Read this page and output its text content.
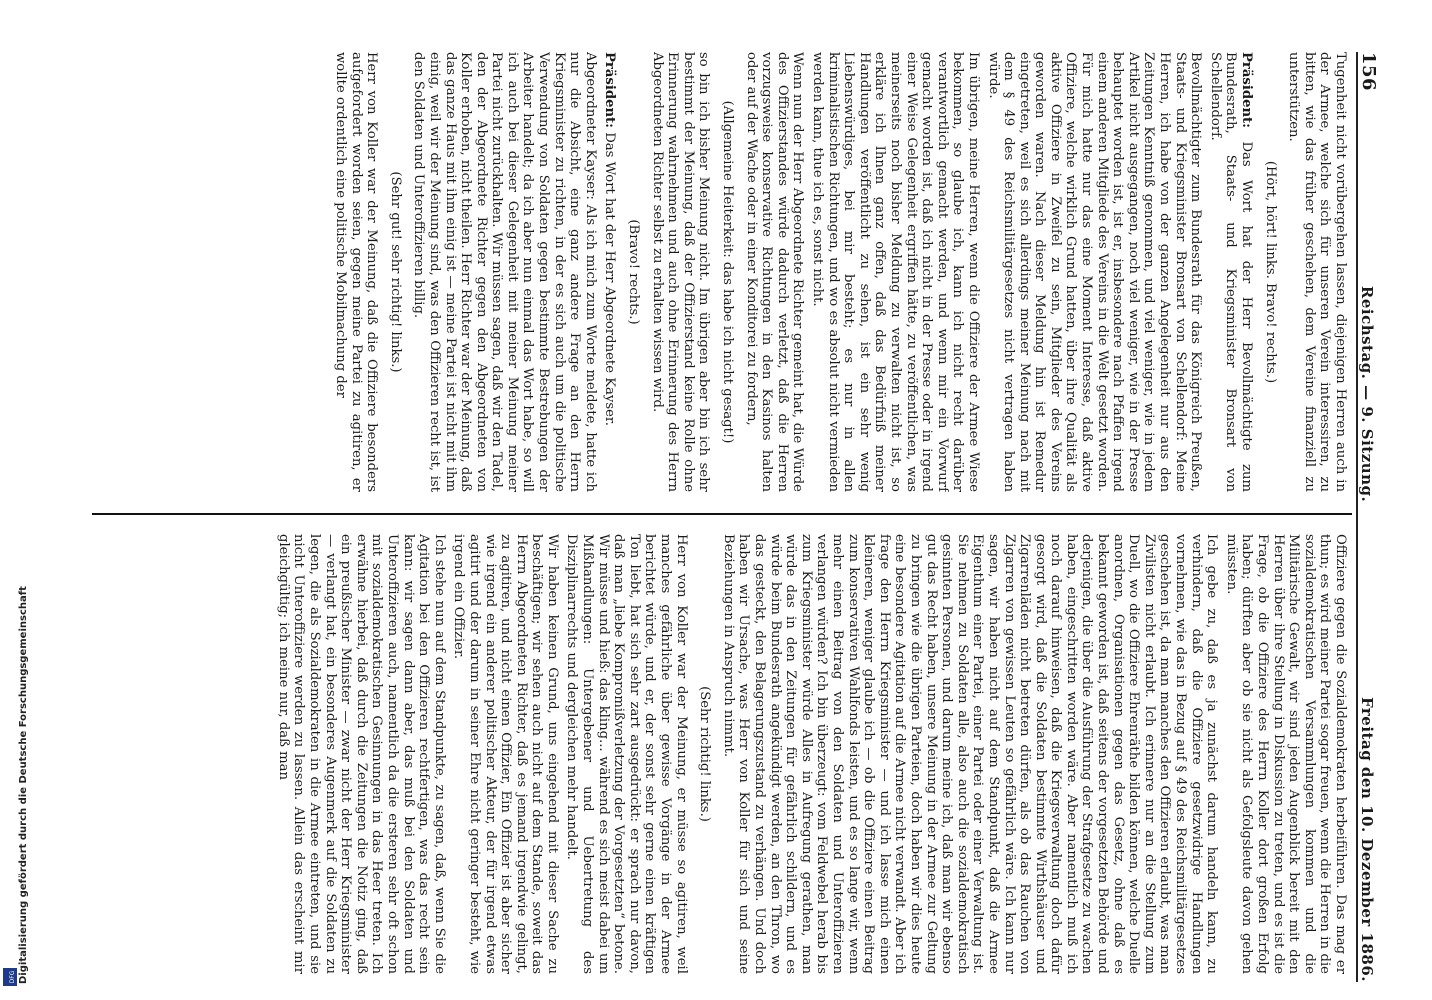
156
Reichstag. — 9. Sitzung.
Freitag den 10. Dezember 1886.

Tugenheit nicht vorübergehen lassen, diejenigen Herren auch in der Armee, welche sich für unseren Verein interessiren, zu bitten, wie das früher geschehen, dem Vereine finanziell zu unterstützen.

(Hört, hört! links. Bravo! rechts.)

Präsident: Das Wort hat der Herr Bevollmächtigte zum Bundesrath, Staats- und Kriegsminister Bronsart von Schellendorf.

Bevollmächtigter zum Bundesrath für das Königreich Preußen, Staats- und Kriegsminister Bronsart von Schellendorf: Meine Herren, ich habe von der ganzen Angelegenheit nur aus den Zeitungen Kenntniß genommen, und viel weniger, wie in jedem Artikel nicht ausgegangen, noch viel weniger, wie in der Presse behauptet worden ist, ist er, insbesondere nach Pfaffen irgend einem anderen Mitgliede des Vereins in die Welt gesetzt worden. Für mich hatte nur das eine Moment Interesse, daß aktive Offiziere, welche wirklich Grund hatten, über ihre Qualität als aktive Offiziere in Zweifel zu sein, Mitglieder des Vereins geworden waren. Nach dieser Meldung hin ist Remedur eingetreten, weil es sich allerdings meiner Meinung nach mit dem § 49 des Reichsmilitärgesetzes nicht vertragen haben würde.

Im übrigen, meine Herren, wenn die Offiziere der Armee Wiese bekommen, so glaube ich, kann ich nicht recht darüber verantwortlich gemacht werden, und wenn mir ein Vorwurf gemacht worden ist, daß ich nicht in der Presse oder in irgend einer Weise Gelegenheit ergriffen hätte, zu veröffentlichen, was meinerseits noch bisher Meldung zu verwalten nicht ist, so erkläre ich Ihnen ganz offen, daß das Bedürfniß meiner Handlungen veröffentlicht zu sehen, ist ein sehr wenig Liebenswürdiges, bei mir besteht; es nur in allen kriminalistischen Richtungen, und wo es absolut nicht vermieden werden kann, thue ich es, sonst nicht.

Wenn nun der Herr Abgeordnete Richter gemeint hat, die Würde des Offizierstandes würde dadurch verletzt, daß die Herren vorzugsweise konservative Richtungen in den Kasinos halten oder auf der Wache oder in einer Konditorei zu fordern,

(Allgemeine Heiterkeit: das habe ich nicht gesagt!)

so bin ich bisher Meinung nicht. Im übrigen aber bin ich sehr bestimmt der Meinung, daß der Offizierstand keine Rolle ohne Erinnerung wahrnehmen und auch ohne Erinnerung des Herrn Abgeordneten Richter selbst zu erhalten wissen wird.

(Bravo! rechts.)

Präsident: Das Wort hat der Herr Abgeordnete Kayser.

Abgeordneter Kayser: Als ich mich zum Worte meldete, hatte ich nur die Absicht, eine ganz andere Frage an den Herrn Kriegsminister zu richten, in der es sich auch um die politische Verwendung von Soldaten gegen bestimmte Bestrebungen der Arbeiter handelt; da ich aber nun einmal das Wort habe, so will ich auch bei dieser Gelegenheit mit meiner Meinung meiner Partei nicht zurückhalten. Wir müssen sagen, daß wir den Tadel, den der Abgeordnete Richter gegen den Abgeordneten von Koller erhoben, nicht theilen. Herr Richter war der Meinung, daß das ganze Haus mit ihm einig ist — meine Partei ist nicht mit ihm einig, weil wir der Meinung sind, was den Offizieren recht ist, ist den Soldaten und Unteroffizieren billig.

(Sehr gut! sehr richtig! links.)

Herr von Koller war der Meinung, daß die Offiziere besonders aufgefordert worden seien, gegen meine Partei zu agitiren, er wollte ordentlich eine politische Mobilmachung der

Offiziere gegen die Sozialdemokraten herbeiführen. Das mag er thun; es wird meiner Partei sogar freuen, wenn die Herren in die sozialdemokratischen Versammlungen kommen und die Militärische Gewalt, wir sind jeden Augenblick bereit mit den Herren über ihre Stellung in Diskussion zu treten, und es ist die Frage, ob die Offiziere des Herrn Koller dort großen Erfolg haben; dürften aber ob sie nicht als Gefolgsleute davon gehen müssten.

Ich gebe zu, daß es ja zunächst darum handeln kann, zu verhindern, daß die Offiziere gesetzwidrige Handlungen vornehmen, wie das in Bezug auf § 49 des Reichsmilitärgesetzes geschehen ist, da man manches den Offizieren erlaubt, was man Zivilisten nicht erlaubt. Ich erinnere nur an die Stellung zum Duell, wo die Offiziere Ehrenräthe bilden können, welche Duelle anordnen, Organisationen gegen das Gesetz, ohne daß es bekannt geworden ist, daß seitens der vorgesetzten Behörde und derjenigen, die über die Ausführung der Strafgesetze zu wachen haben, eingeschritten worden wäre. Aber namentlich muß ich noch darauf hinweisen, daß die Kriegsverwaltung doch dafür gesorgt wird, daß die Soldaten bestimmte Wirthshäuser und Zigarrenläden nicht betreten dürfen, als ob das Rauchen von Zigarren von gewissen Leuten so gefährlich wäre. Ich kann nur sagen, wir haben nicht auf dem Standpunkt, daß die Armee Eigenthum einer Partei, einer Partei oder einer Verwaltung ist. Sie nehmen zu Soldaten alle, also auch die sozialdemokratisch gesinnten Personen, und darum meine ich, daß man wir ebenso gut das Recht haben, unsere Meinung in der Armee zur Geltung zu bringen wie die übrigen Parteien, doch haben wir dies heute eine besondere Agitation auf die Armee nicht verwandt. Aber ich frage den Herrn Kriegsminister — und ich lasse mich einen kleineren, weniger glaube ich — ob die Offiziere einen Beitrag zum konservativen Wahlfonds leisten, und es so lange wir, wenn mehr einen Beitrag von den Soldaten und Unteroffizieren verlangen würden? Ich bin überzeugt: vom Feldwebel herab bis zum Kriegsminister würde Alles in Aufregung gerathen, man würde das in den Zeitungen für gefährlich schildern, und es würde beim Bundesrath angekündigt werden, an den Thron, wo das gesteckt, den Belagerungszustand zu verhängen. Und doch haben wir Ursache, was Herr von Koller für sich und seine Beziehungen in Anspruch nimmt.

(Sehr richtig! links.)

Herr von Koller war der Meinung, er müsse so agitiren, weil manches gefährliche über gewisse Vorgänge in der Armee berichtet würde, und er, der sonst sehr gerne einen kräftigen Ton liebt, hat sich sehr zart ausgedrückt: er sprach nur davon, daß man „liebe Kompromißverletzung der Vorgesetzten“ betone. Wir müsse und hieß: das kling... während es sich meist dabei um Mißhandlungen: Untergebener und Uebertretung des Disziplinarrechts und dergleichen mehr handelt.

Wir haben keinen Grund, uns eingehend mit dieser Sache zu beschäftigen; wir sehen auch nicht auf dem Stande, soweit das Herrn Abgeordneten Richter, daß es jemand irgendwie gelingt, zu agitiren, und nicht einen Offizier, Ein Offizier ist aber sicher wie irgend ein anderer politischer Akteur, der für irgend etwas agitirt und der darum in seiner Ehre nicht geringer besteht, wie irgend ein Offizier.

Ich stehe nun auf dem Standpunkte, zu sagen, daß, wenn Sie die Agitation bei den Offizieren rechtfertigen, was das recht sein kann: wir sagen dann aber, das muß bei den Soldaten und Unteroffizieren auch, namentlich da die ersteren sehr oft schon mit sozialdemokratischen Gesinnungen in das Heer treten. Ich erwähne hierbei, daß durch die Zeitungen die Notiz ging, daß ein preußischer Minister — zwar nicht der Herr Kriegsminister — verlangt hat, ein besonderes Augenmerk auf die Soldaten zu legen, die als Sozialdemokraten in die Armee eintreten, und sie nicht Unteroffiziere werden zu lassen. Allein das erscheint mir gleichgültig; ich meine nur, daß man

Digitalisierung gefördert durch die Deutsche Forschungsgemeinschaft
DFG
